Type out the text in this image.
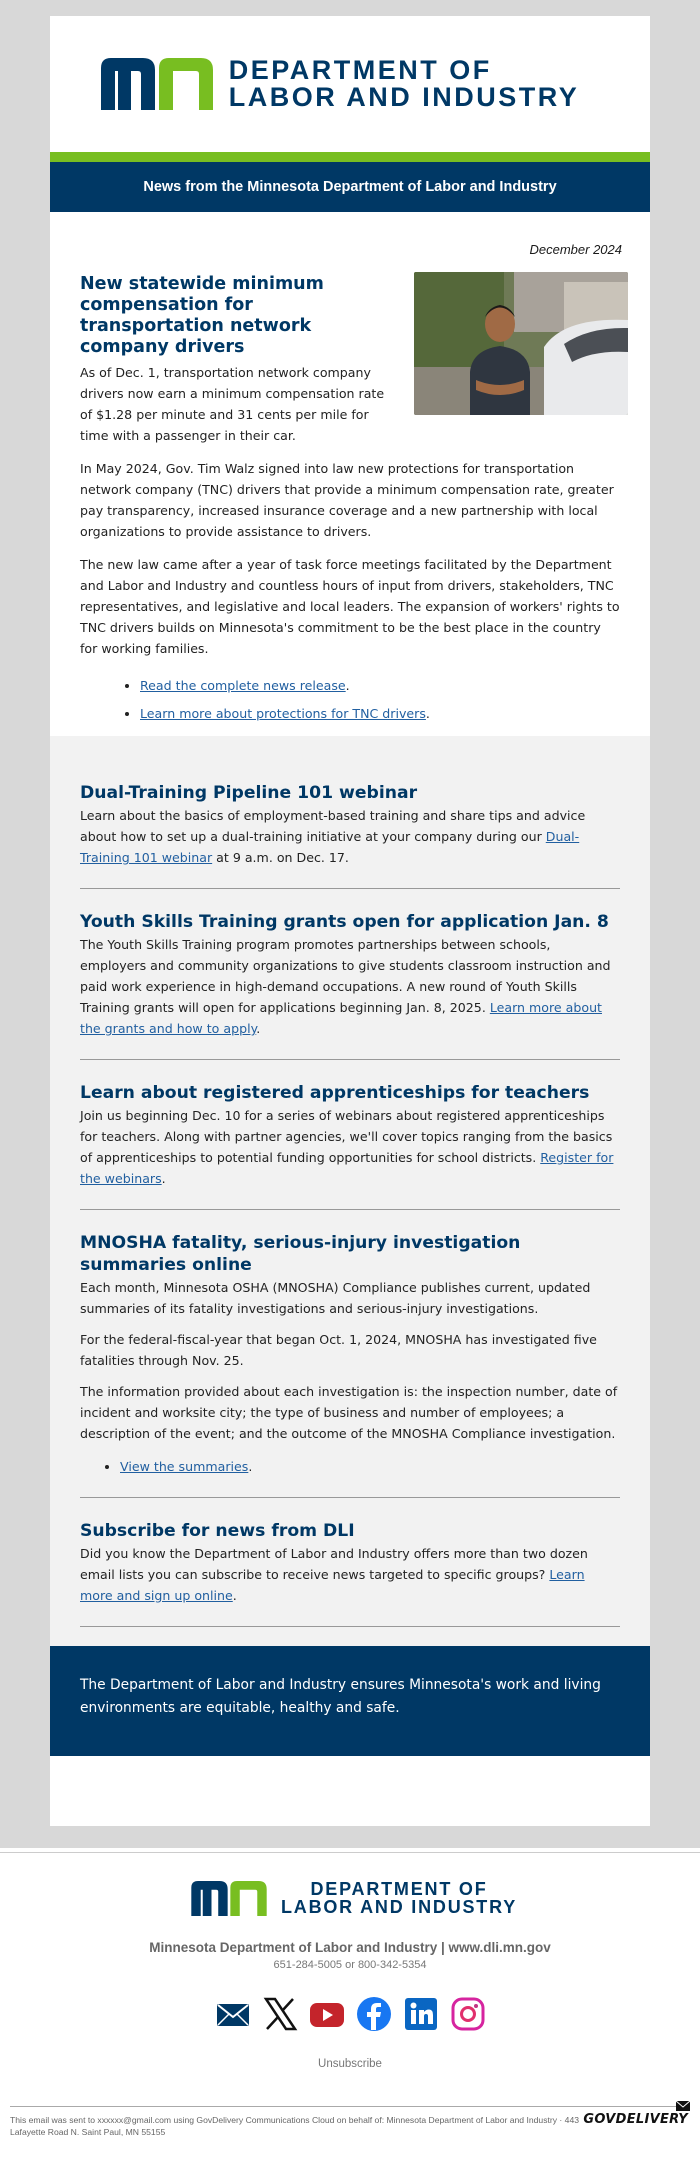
DEPARTMENT OF
LABOR AND INDUSTRY
News from the Minnesota Department of Labor and Industry
December 2024
New statewide minimum compensation for transportation network company drivers

As of Dec. 1, transportation network company drivers now earn a minimum compensation rate of $1.28 per minute and 31 cents per mile for time with a passenger in their car.

In May 2024, Gov. Tim Walz signed into law new protections for transportation network company (TNC) drivers that provide a minimum compensation rate, greater pay transparency, increased insurance coverage and a new partnership with local organizations to provide assistance to drivers.

The new law came after a year of task force meetings facilitated by the Department and Labor and Industry and countless hours of input from drivers, stakeholders, TNC representatives, and legislative and local leaders. The expansion of workers' rights to TNC drivers builds on Minnesota's commitment to be the best place in the country for working families.

• Read the complete news release.
• Learn more about protections for TNC drivers.
Dual-Training Pipeline 101 webinar

Learn about the basics of employment-based training and share tips and advice about how to set up a dual-training initiative at your company during our Dual-Training 101 webinar at 9 a.m. on Dec. 17.

Youth Skills Training grants open for application Jan. 8

The Youth Skills Training program promotes partnerships between schools, employers and community organizations to give students classroom instruction and paid work experience in high-demand occupations. A new round of Youth Skills Training grants will open for applications beginning Jan. 8, 2025. Learn more about the grants and how to apply.

Learn about registered apprenticeships for teachers

Join us beginning Dec. 10 for a series of webinars about registered apprenticeships for teachers. Along with partner agencies, we'll cover topics ranging from the basics of apprenticeships to potential funding opportunities for school districts. Register for the webinars.

MNOSHA fatality, serious-injury investigation summaries online

Each month, Minnesota OSHA (MNOSHA) Compliance publishes current, updated summaries of its fatality investigations and serious-injury investigations.

For the federal-fiscal-year that began Oct. 1, 2024, MNOSHA has investigated five fatalities through Nov. 25.

The information provided about each investigation is: the inspection number, date of incident and worksite city; the type of business and number of employees; a description of the event; and the outcome of the MNOSHA Compliance investigation.

• View the summaries.
Subscribe for news from DLI

Did you know the Department of Labor and Industry offers more than two dozen email lists you can subscribe to receive news targeted to specific groups? Learn more and sign up online.

The Department of Labor and Industry ensures Minnesota's work and living environments are equitable, healthy and safe.
DEPARTMENT OF
LABOR AND INDUSTRY
Minnesota Department of Labor and Industry | www.dli.mn.gov
651-284-5005 or 800-342-5354
Unsubscribe
This email was sent to xxxxxx@gmail.com using GovDelivery Communications Cloud on behalf of: Minnesota Department of Labor and Industry · 443 Lafayette Road N. Saint Paul, MN 55155
GOVDELIVERY
